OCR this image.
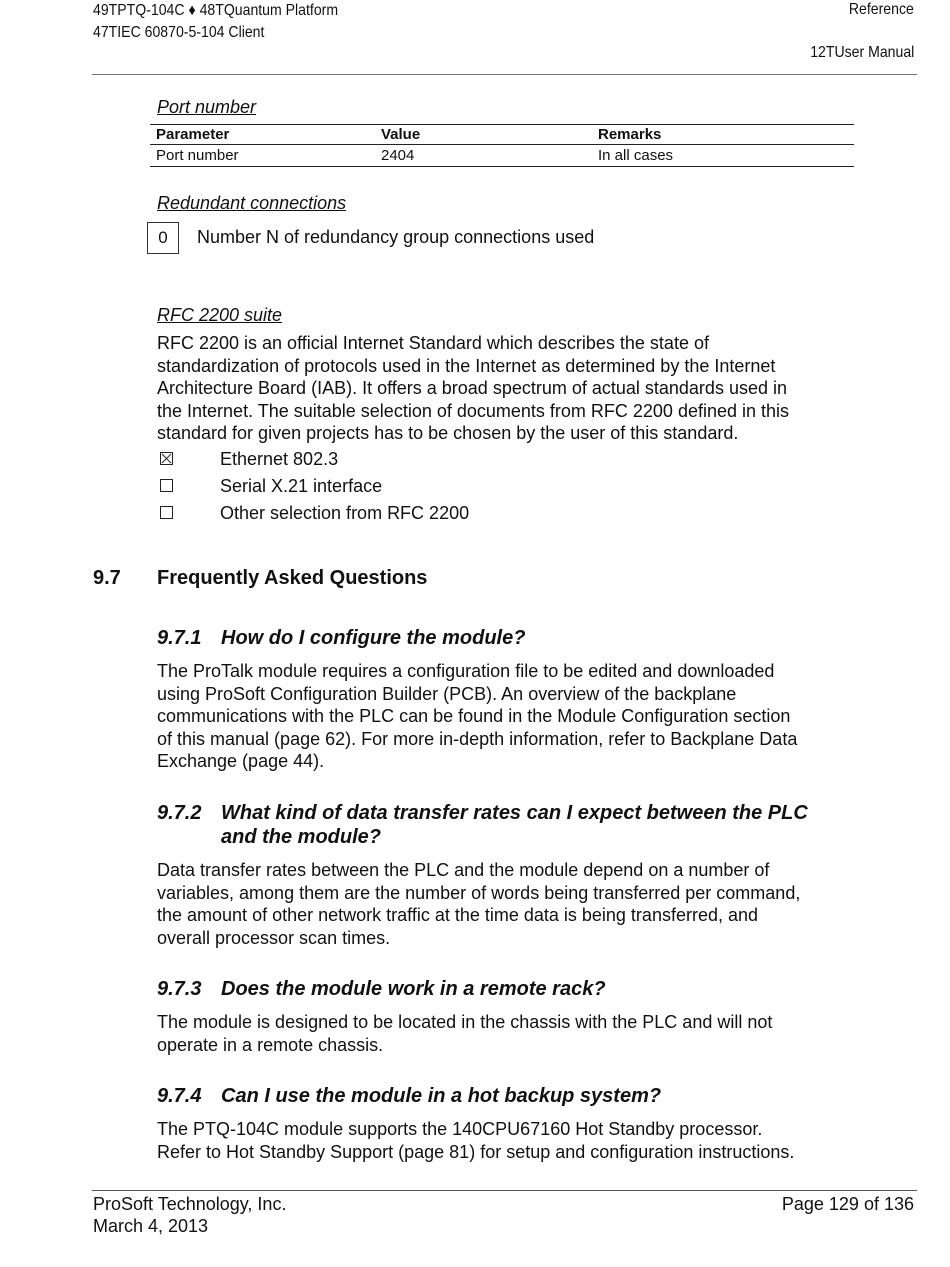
49TPTQ-104C ♦ 48TQuantum Platform
47TIEC 60870-5-104 Client
Reference
12TUser Manual
Port number
Parameter	Value	Remarks
Port number	2404	In all cases
Redundant connections
0	Number N of redundancy group connections used
RFC 2200 suite
RFC 2200 is an official Internet Standard which describes the state of
standardization of protocols used in the Internet as determined by the Internet
Architecture Board (IAB). It offers a broad spectrum of actual standards used in
the Internet. The suitable selection of documents from RFC 2200 defined in this
standard for given projects has to be chosen by the user of this standard.
Ethernet 802.3
Serial X.21 interface
Other selection from RFC 2200
9.7 Frequently Asked Questions
9.7.1 How do I configure the module?
The ProTalk module requires a configuration file to be edited and downloaded
using ProSoft Configuration Builder (PCB). An overview of the backplane
communications with the PLC can be found in the Module Configuration section
of this manual (page 62). For more in-depth information, refer to Backplane Data
Exchange (page 44).
9.7.2 What kind of data transfer rates can I expect between the PLC
and the module?
Data transfer rates between the PLC and the module depend on a number of
variables, among them are the number of words being transferred per command,
the amount of other network traffic at the time data is being transferred, and
overall processor scan times.
9.7.3 Does the module work in a remote rack?
The module is designed to be located in the chassis with the PLC and will not
operate in a remote chassis.
9.7.4 Can I use the module in a hot backup system?
The PTQ-104C module supports the 140CPU67160 Hot Standby processor.
Refer to Hot Standby Support (page 81) for setup and configuration instructions.
ProSoft Technology, Inc.
March 4, 2013
Page 129 of 136
